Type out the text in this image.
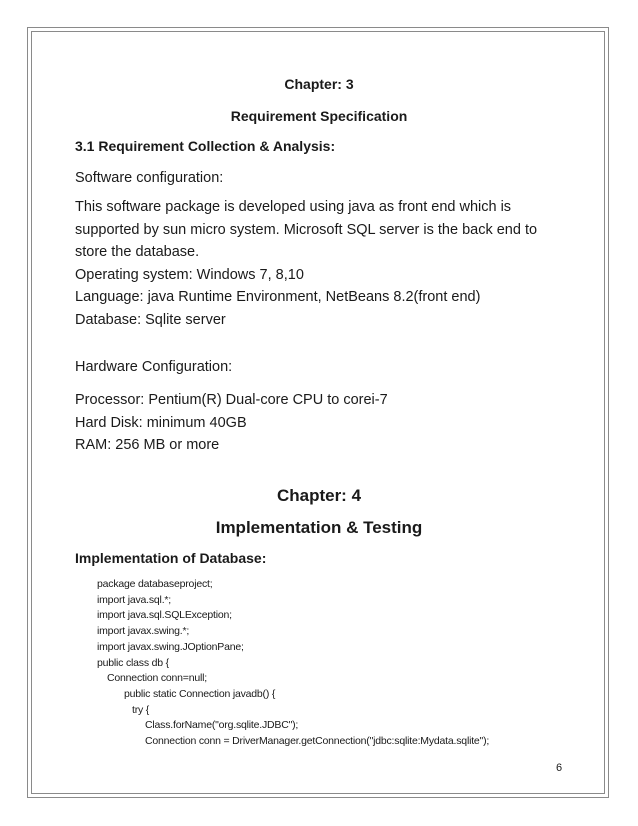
Chapter: 3
Requirement Specification
3.1 Requirement Collection & Analysis:
Software configuration:
This software package is developed using java as front end which is
supported by sun micro system. Microsoft SQL server is the back end to
store the database.
Operating system: Windows 7, 8,10
Language: java Runtime Environment, NetBeans 8.2(front end)
Database: Sqlite server
Hardware Configuration:
Processor: Pentium(R) Dual-core CPU to corei-7
Hard Disk: minimum 40GB
RAM: 256 MB or more
Chapter: 4
Implementation & Testing
Implementation of Database:
package databaseproject;
import java.sql.*;
import java.sql.SQLException;
import javax.swing.*;
import javax.swing.JOptionPane;
public class db {
Connection conn=null;
public static Connection javadb() {
try {
Class.forName("org.sqlite.JDBC");
Connection conn = DriverManager.getConnection("jdbc:sqlite:Mydata.sqlite");
6
